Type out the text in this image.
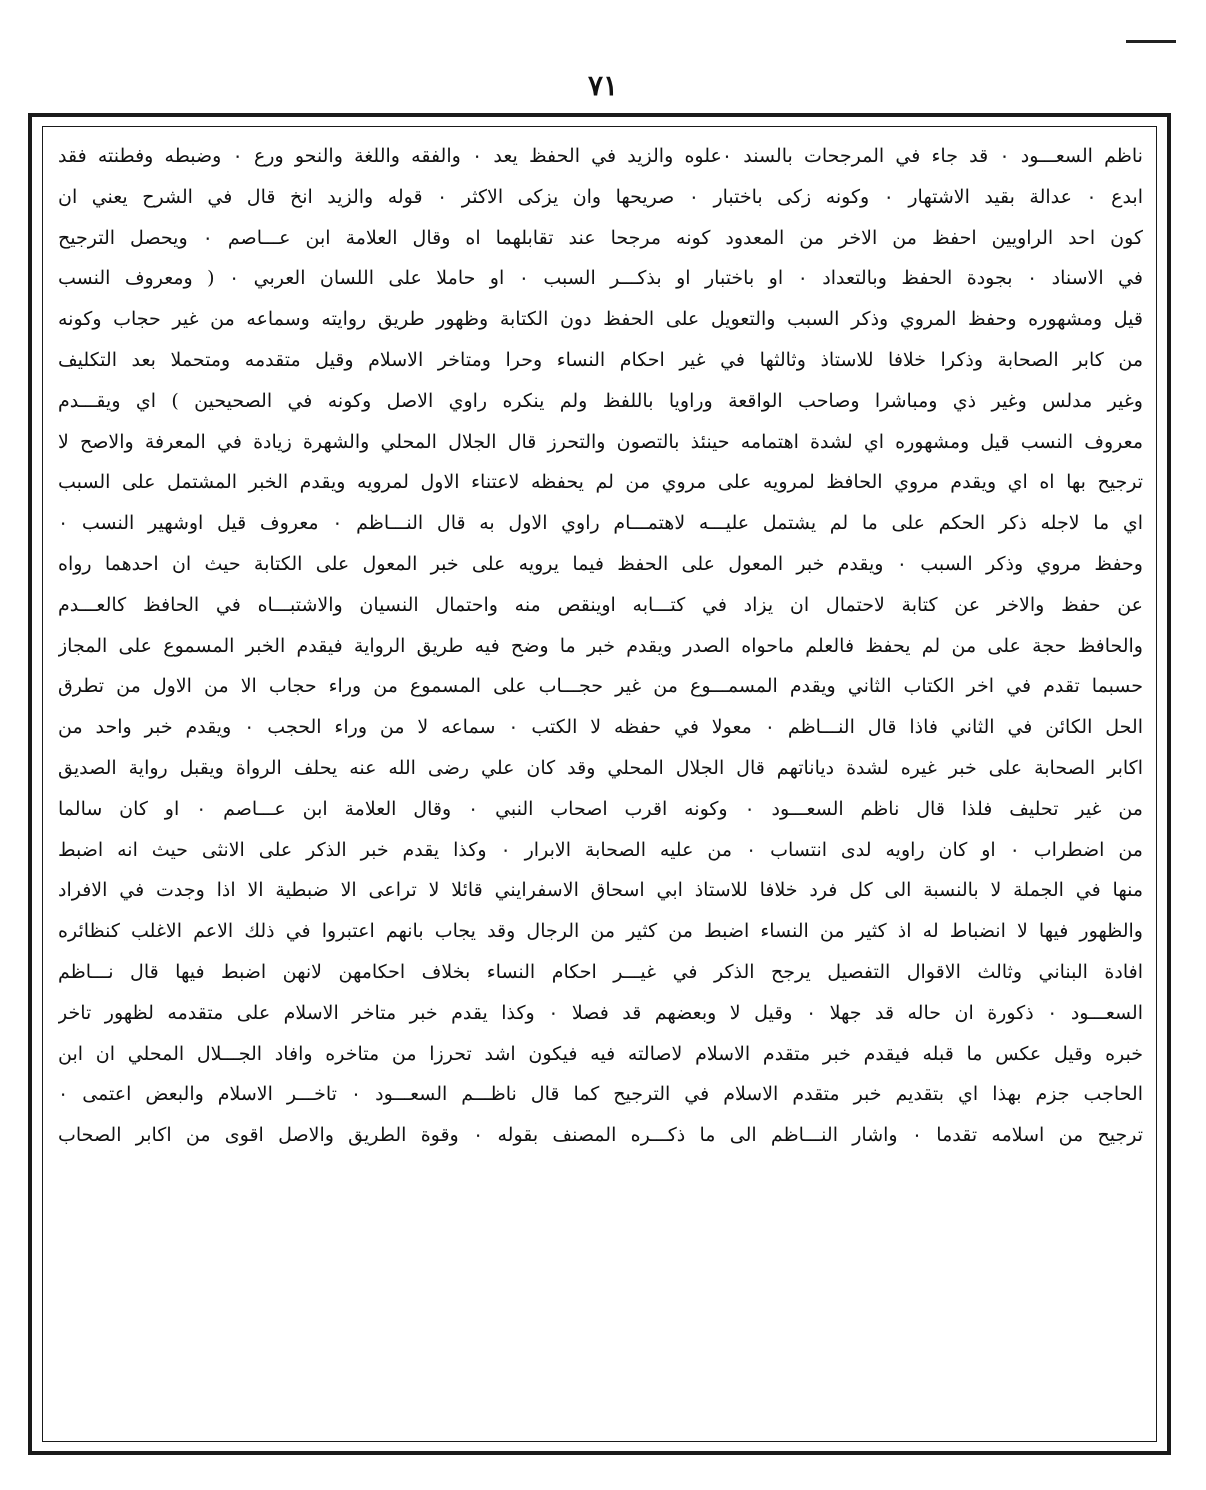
٧١
ناظم السعـــود ٠ قد جاء في المرجحات بالسند ٠علوه والزيد في الحفظ يعد ٠ والفقه واللغة والنحو ورع ٠ وضبطه وفطنته فقد
ابدع ٠ عدالة بقيد الاشتهار ٠ وكونه زكى باختبار ٠ صريحها وان يزكى الاكثر ٠ قوله والزيد انخ قال في الشرح يعني ان
كون احد الراويين احفظ من الاخر من المعدود كونه مرجحا عند تقابلهما اه وقال العلامة ابن عـــاصم ٠ ويحصل الترجيح
في الاسناد ٠ بجودة الحفظ وبالتعداد ٠ او باختبار او بذكـــر السبب ٠ او حاملا على اللسان العربي ٠ ( ومعروف النسب
قيل ومشهوره وحفظ المروي وذكر السبب والتعويل على الحفظ دون الكتابة وظهور طريق روايته وسماعه من غير حجاب وكونه
من كابر الصحابة وذكرا خلافا للاستاذ وثالثها في غير احكام النساء وحرا ومتاخر الاسلام وقيل متقدمه ومتحملا بعد التكليف
وغير مدلس وغير ذي ومباشرا وصاحب الواقعة وراويا باللفظ ولم ينكره راوي الاصل وكونه في الصحيحين ) اي ويقـــدم
معروف النسب قيل ومشهوره اي لشدة اهتمامه حينئذ بالتصون والتحرز قال الجلال المحلي والشهرة زيادة في المعرفة والاصح لا
ترجيح بها اه اي ويقدم مروي الحافظ لمرويه على مروي من لم يحفظه لاعتناء الاول لمرويه ويقدم الخبر المشتمل على السبب
اي ما لاجله ذكر الحكم على ما لم يشتمل عليـــه لاهتمـــام راوي الاول به قال النـــاظم ٠ معروف قيل اوشهير النسب ٠
وحفظ مروي وذكر السبب ٠ ويقدم خبر المعول على الحفظ فيما يرويه على خبر المعول على الكتابة حيث ان احدهما رواه
عن حفظ والاخر عن كتابة لاحتمال ان يزاد في كتـــابه اوينقص منه واحتمال النسيان والاشتبـــاه في الحافظ كالعـــدم
والحافظ حجة على من لم يحفظ فالعلم ماحواه الصدر ويقدم خبر ما وضح فيه طريق الرواية فيقدم الخبر المسموع على المجاز
حسبما تقدم في اخر الكتاب الثاني ويقدم المسمـــوع من غير حجـــاب على المسموع من وراء حجاب الا من الاول من تطرق
الحل الكائن في الثاني فاذا قال النـــاظم ٠ معولا في حفظه لا الكتب ٠ سماعه لا من وراء الحجب ٠ ويقدم خبر واحد من
اكابر الصحابة على خبر غيره لشدة دياناتهم قال الجلال المحلي وقد كان علي رضى الله عنه يحلف الرواة ويقبل رواية الصديق
من غير تحليف فلذا قال ناظم السعـــود ٠ وكونه اقرب اصحاب النبي ٠ وقال العلامة ابن عـــاصم ٠ او كان سالما
من اضطراب ٠ او كان راويه لدى انتساب ٠ من عليه الصحابة الابرار ٠ وكذا يقدم خبر الذكر على الانثى حيث انه اضبط
منها في الجملة لا بالنسبة الى كل فرد خلافا للاستاذ ابي اسحاق الاسفرايني قائلا لا تراعى الا ضبطية الا اذا وجدت في الافراد
والظهور فيها لا انضباط له اذ كثير من النساء اضبط من كثير من الرجال وقد يجاب بانهم اعتبروا في ذلك الاعم الاغلب كنظائره
افادة البناني وثالث الاقوال التفصيل يرجح الذكر في غيـــر احكام النساء بخلاف احكامهن لانهن اضبط فيها قال نـــاظم
السعـــود ٠ ذكورة ان حاله قد جهلا ٠ وقيل لا وبعضهم قد فصلا ٠ وكذا يقدم خبر متاخر الاسلام على متقدمه لظهور تاخر
خبره وقيل عكس ما قبله فيقدم خبر متقدم الاسلام لاصالته فيه فيكون اشد تحرزا من متاخره وافاد الجـــلال المحلي ان ابن
الحاجب جزم بهذا اي بتقديم خبر متقدم الاسلام في الترجيح كما قال ناظـــم السعـــود ٠ تاخـــر الاسلام والبعض اعتمى ٠
ترجيح من اسلامه تقدما ٠ واشار النـــاظم الى ما ذكـــره المصنف بقوله ٠ وقوة الطريق والاصل اقوى من اكابر الصحاب
